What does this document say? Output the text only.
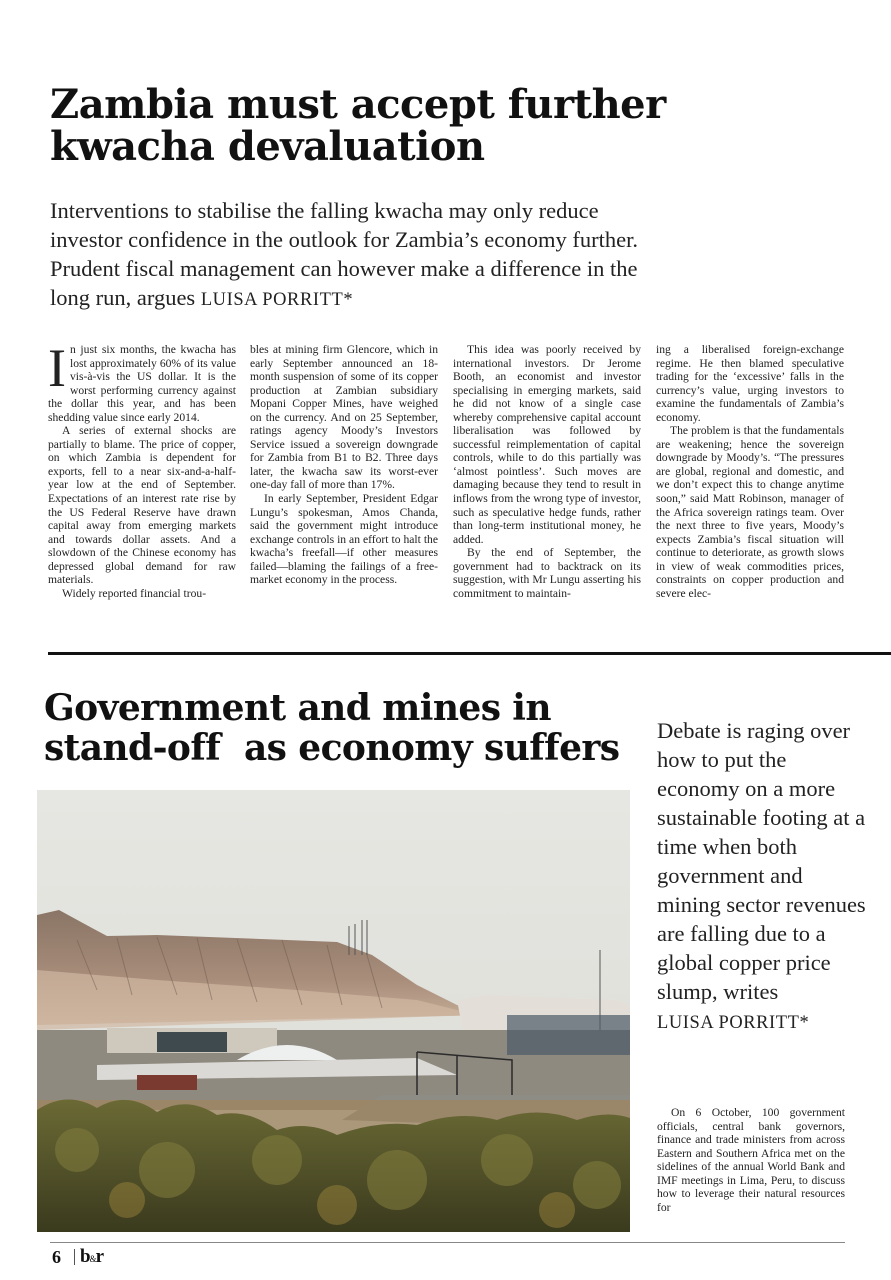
Zambia must accept further
kwacha devaluation

Interventions to stabilise the falling kwacha may only reduce investor confidence in the outlook for Zambia’s economy further. Prudent fiscal management can however make a difference in the long run, argues LUISA PORRITT*

In just six months, the kwacha has lost approximately 60% of its value vis-à-vis the US dollar. It is the worst performing currency against the dollar this year, and has been shedding value since early 2014.

A series of external shocks are partially to blame. The price of copper, on which Zambia is dependent for exports, fell to a near six-and-a-half-year low at the end of September. Expectations of an interest rate rise by the US Federal Reserve have drawn capital away from emerging markets and towards dollar assets. And a slowdown of the Chinese economy has depressed global demand for raw materials.

Widely reported financial trou-

bles at mining firm Glencore, which in early September announced an 18-month suspension of some of its copper production at Zambian subsidiary Mopani Copper Mines, have weighed on the currency. And on 25 September, ratings agency Moody’s Investors Service issued a sovereign downgrade for Zambia from B1 to B2. Three days later, the kwacha saw its worst-ever one-day fall of more than 17%.

In early September, President Edgar Lungu’s spokesman, Amos Chanda, said the government might introduce exchange controls in an effort to halt the kwacha’s freefall—if other measures failed—blaming the failings of a free-market economy in the process.

This idea was poorly received by international investors. Dr Jerome Booth, an economist and investor specialising in emerging markets, said he did not know of a single case whereby comprehensive capital account liberalisation was followed by successful reimplementation of capital controls, while to do this partially was ‘almost pointless’. Such moves are damaging because they tend to result in inflows from the wrong type of investor, such as speculative hedge funds, rather than long-term institutional money, he added.

By the end of September, the government had to backtrack on its suggestion, with Mr Lungu asserting his commitment to maintain-

ing a liberalised foreign-exchange regime. He then blamed speculative trading for the ‘excessive’ falls in the currency’s value, urging investors to examine the fundamentals of Zambia’s economy.

The problem is that the fundamentals are weakening; hence the sovereign downgrade by Moody’s. “The pressures are global, regional and domestic, and we don’t expect this to change anytime soon,” said Matt Robinson, manager of the Africa sovereign ratings team. Over the next three to five years, Moody’s expects Zambia’s fiscal situation will continue to deteriorate, as growth slows in view of weak commodities prices, constraints on copper production and severe elec-

Government and mines in
stand-off  as economy suffers	Debate is raging over how to put the economy on a more sustainable footing at a time when both government and mining sector revenues are falling due to a global copper price slump, writes
LUISA PORRITT*

On 6 October, 100 government officials, central bank governors, finance and trade ministers from across Eastern and Southern Africa met on the sidelines of the annual World Bank and IMF meetings in Lima, Peru, to discuss how to leverage their natural resources for

6 b&r
